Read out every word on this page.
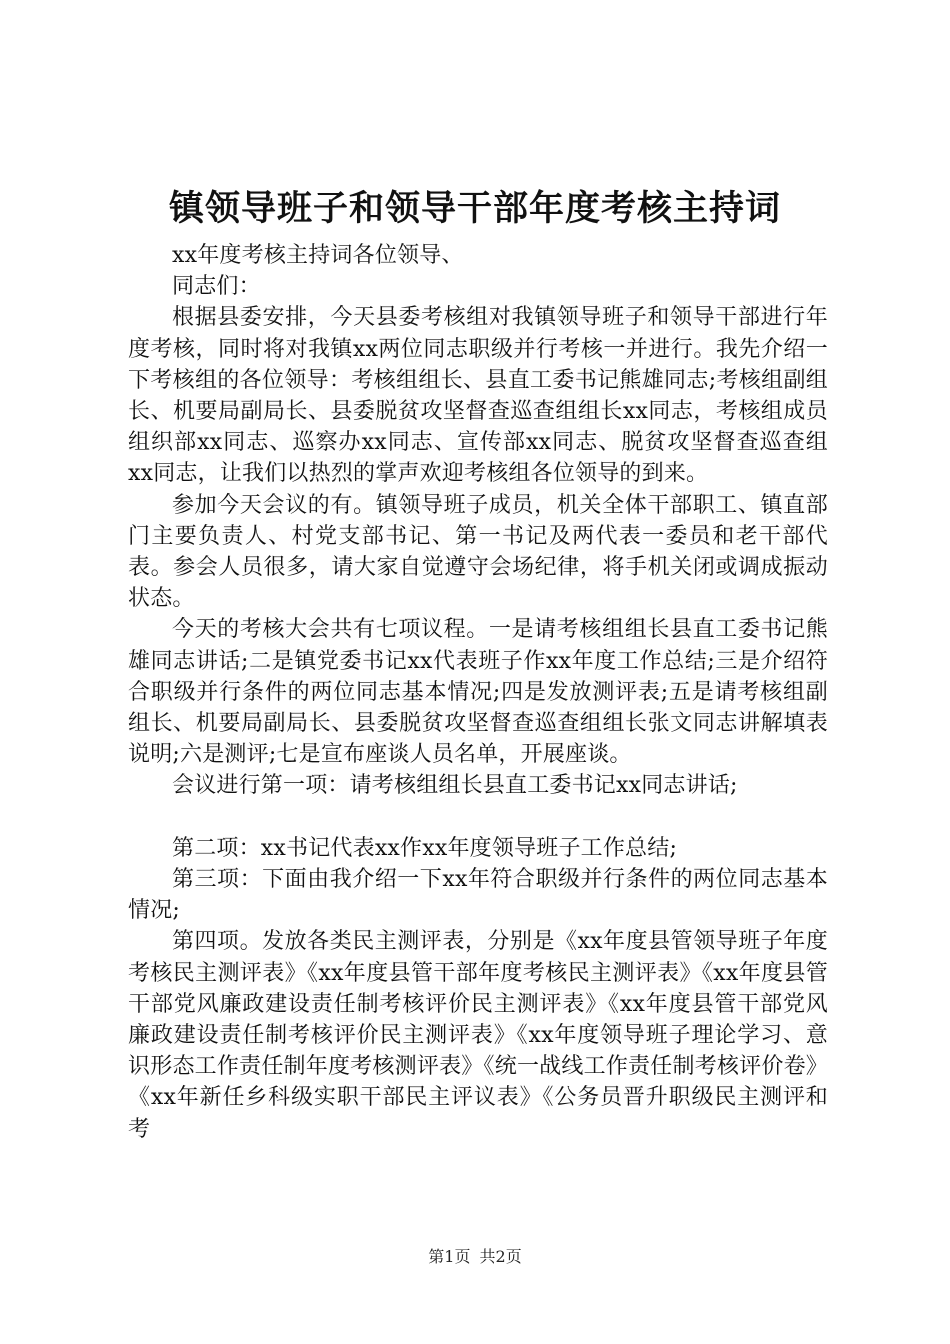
镇领导班子和领导干部年度考核主持词

xx年度考核主持词各位领导、

同志们：

根据县委安排，今天县委考核组对我镇领导班子和领导干部进行年度考核，同时将对我镇xx两位同志职级并行考核一并进行。我先介绍一下考核组的各位领导：考核组组长、县直工委书记熊雄同志;考核组副组长、机要局副局长、县委脱贫攻坚督查巡查组组长xx同志，考核组成员组织部xx同志、巡察办xx同志、宣传部xx同志、脱贫攻坚督查巡查组xx同志，让我们以热烈的掌声欢迎考核组各位领导的到来。

参加今天会议的有。镇领导班子成员，机关全体干部职工、镇直部门主要负责人、村党支部书记、第一书记及两代表一委员和老干部代表。参会人员很多，请大家自觉遵守会场纪律，将手机关闭或调成振动状态。

今天的考核大会共有七项议程。一是请考核组组长县直工委书记熊雄同志讲话;二是镇党委书记xx代表班子作xx年度工作总结;三是介绍符合职级并行条件的两位同志基本情况;四是发放测评表;五是请考核组副组长、机要局副局长、县委脱贫攻坚督查巡查组组长张文同志讲解填表说明;六是测评;七是宣布座谈人员名单，开展座谈。

会议进行第一项：请考核组组长县直工委书记xx同志讲话;

第二项：xx书记代表xx作xx年度领导班子工作总结;

第三项：下面由我介绍一下xx年符合职级并行条件的两位同志基本情况;

第四项。发放各类民主测评表，分别是《xx年度县管领导班子年度考核民主测评表》《xx年度县管干部年度考核民主测评表》《xx年度县管干部党风廉政建设责任制考核评价民主测评表》《xx年度县管干部党风廉政建设责任制考核评价民主测评表》《xx年度领导班子理论学习、意识形态工作责任制年度考核测评表》《统一战线工作责任制考核评价卷》《xx年新任乡科级实职干部民主评议表》《公务员晋升职级民主测评和考

第1页 共2页
